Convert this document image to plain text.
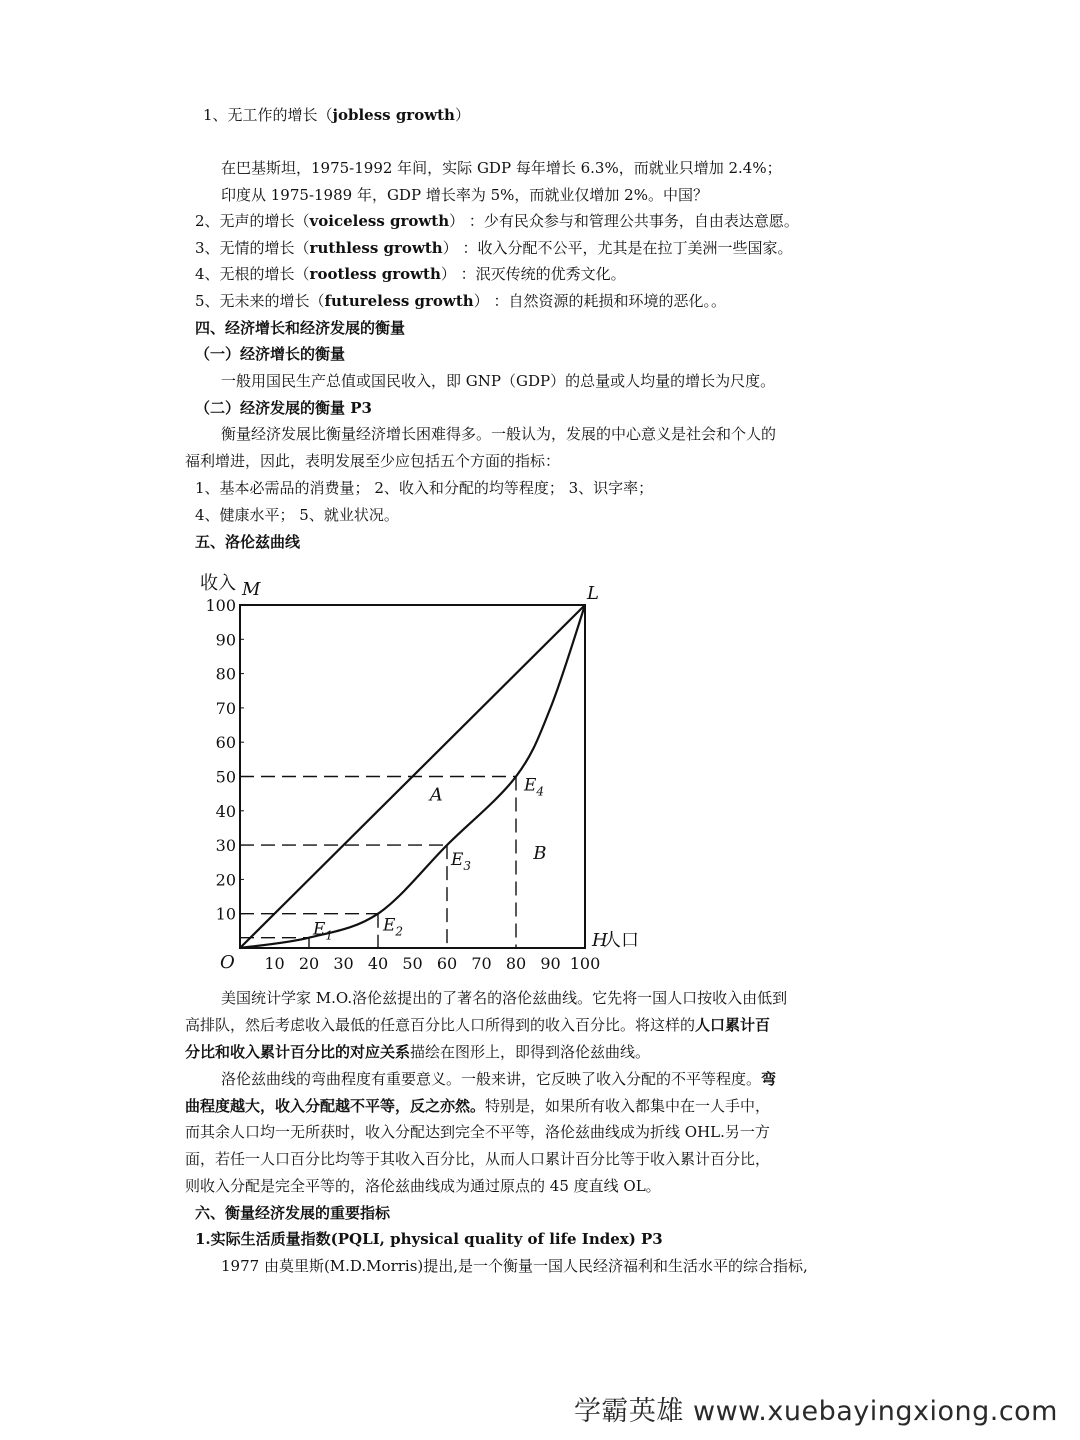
1、无工作的增长（jobless growth）
在巴基斯坦，1975-1992 年间，实际 GDP 每年增长 6.3%，而就业只增加 2.4%；
印度从 1975-1989 年，GDP 增长率为 5%，而就业仅增加 2%。中国？
2、无声的增长（voiceless growth） ：少有民众参与和管理公共事务，自由表达意愿。
3、无情的增长（ruthless growth） ：收入分配不公平，尤其是在拉丁美洲一些国家。
4、无根的增长（rootless growth） ：泯灭传统的优秀文化。
5、无未来的增长（futureless growth） ：自然资源的耗损和环境的恶化。。
四、经济增长和经济发展的衡量
（一）经济增长的衡量
一般用国民生产总值或国民收入，即 GNP（GDP）的总量或人均量的增长为尺度。
（二）经济发展的衡量 P3
衡量经济发展比衡量经济增长困难得多。一般认为，发展的中心意义是社会和个人的
福利增进，因此，表明发展至少应包括五个方面的指标：
1、基本必需品的消费量； 2、收入和分配的均等程度； 3、识字率；
4、健康水平； 5、就业状况。
五、洛伦兹曲线
10
20
30
40
50
60
70
80
90
100
10 20 30 40 50 60 70 80 90 100
收入
人口
O
M	L
H
$E_1$
$E_2$
$E_3$
$E_4$
A
B
美国统计学家 M.O.洛伦兹提出的了著名的洛伦兹曲线。它先将一国人口按收入由低到
高排队，然后考虑收入最低的任意百分比人口所得到的收入百分比。将这样的人口累计百
分比和收入累计百分比的对应关系描绘在图形上，即得到洛伦兹曲线。
洛伦兹曲线的弯曲程度有重要意义。一般来讲，它反映了收入分配的不平等程度。弯
曲程度越大，收入分配越不平等，反之亦然。特别是，如果所有收入都集中在一人手中，
而其余人口均一无所获时，收入分配达到完全不平等，洛伦兹曲线成为折线 OHL.另一方
面，若任一人口百分比均等于其收入百分比，从而人口累计百分比等于收入累计百分比，
则收入分配是完全平等的，洛伦兹曲线成为通过原点的 45 度直线 OL。
六、衡量经济发展的重要指标
1.实际生活质量指数(PQLI, physical quality of life Index) P3
1977 由莫里斯(M.D.Morris)提出,是一个衡量一国人民经济福利和生活水平的综合指标,
学霸英雄 www.xuebayingxiong.com
